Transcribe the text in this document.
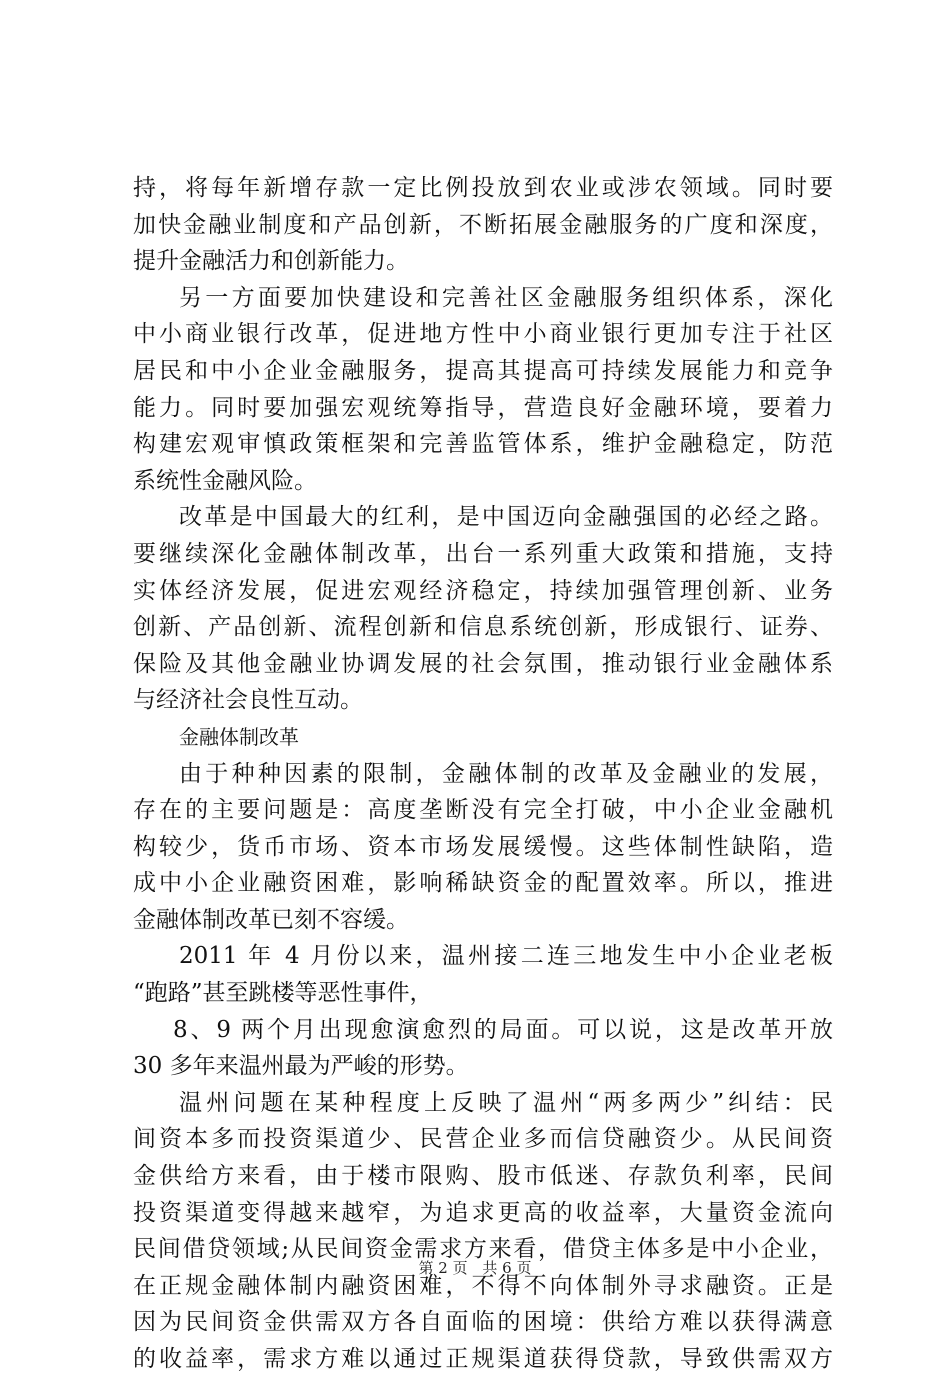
持，将每年新增存款一定比例投放到农业或涉农领域。同时要
加快金融业制度和产品创新，不断拓展金融服务的广度和深度，
提升金融活力和创新能力。
另一方面要加快建设和完善社区金融服务组织体系，深化
中小商业银行改革，促进地方性中小商业银行更加专注于社区
居民和中小企业金融服务，提高其提高可持续发展能力和竞争
能力。同时要加强宏观统筹指导，营造良好金融环境，要着力
构建宏观审慎政策框架和完善监管体系，维护金融稳定，防范
系统性金融风险。
改革是中国最大的红利，是中国迈向金融强国的必经之路。
要继续深化金融体制改革，出台一系列重大政策和措施，支持
实体经济发展，促进宏观经济稳定，持续加强管理创新、业务
创新、产品创新、流程创新和信息系统创新，形成银行、证券、
保险及其他金融业协调发展的社会氛围，推动银行业金融体系
与经济社会良性互动。
金融体制改革
由于种种因素的限制，金融体制的改革及金融业的发展，
存在的主要问题是：高度垄断没有完全打破，中小企业金融机
构较少，货币市场、资本市场发展缓慢。这些体制性缺陷，造
成中小企业融资困难，影响稀缺资金的配置效率。所以，推进
金融体制改革已刻不容缓。
2011 年 4 月份以来，温州接二连三地发生中小企业老板
“跑路”甚至跳楼等恶性事件，
8、9 两个月出现愈演愈烈的局面。可以说，这是改革开放
30 多年来温州最为严峻的形势。
温州问题在某种程度上反映了温州“两多两少”纠结：民
间资本多而投资渠道少、民营企业多而信贷融资少。从民间资
金供给方来看，由于楼市限购、股市低迷、存款负利率，民间
投资渠道变得越来越窄，为追求更高的收益率，大量资金流向
民间借贷领域;从民间资金需求方来看，借贷主体多是中小企业，
在正规金融体制内融资困难，不得不向体制外寻求融资。正是
因为民间资金供需双方各自面临的困境：供给方难以获得满意
的收益率，需求方难以通过正规渠道获得贷款，导致供需双方
第 2 页 共 6 页
